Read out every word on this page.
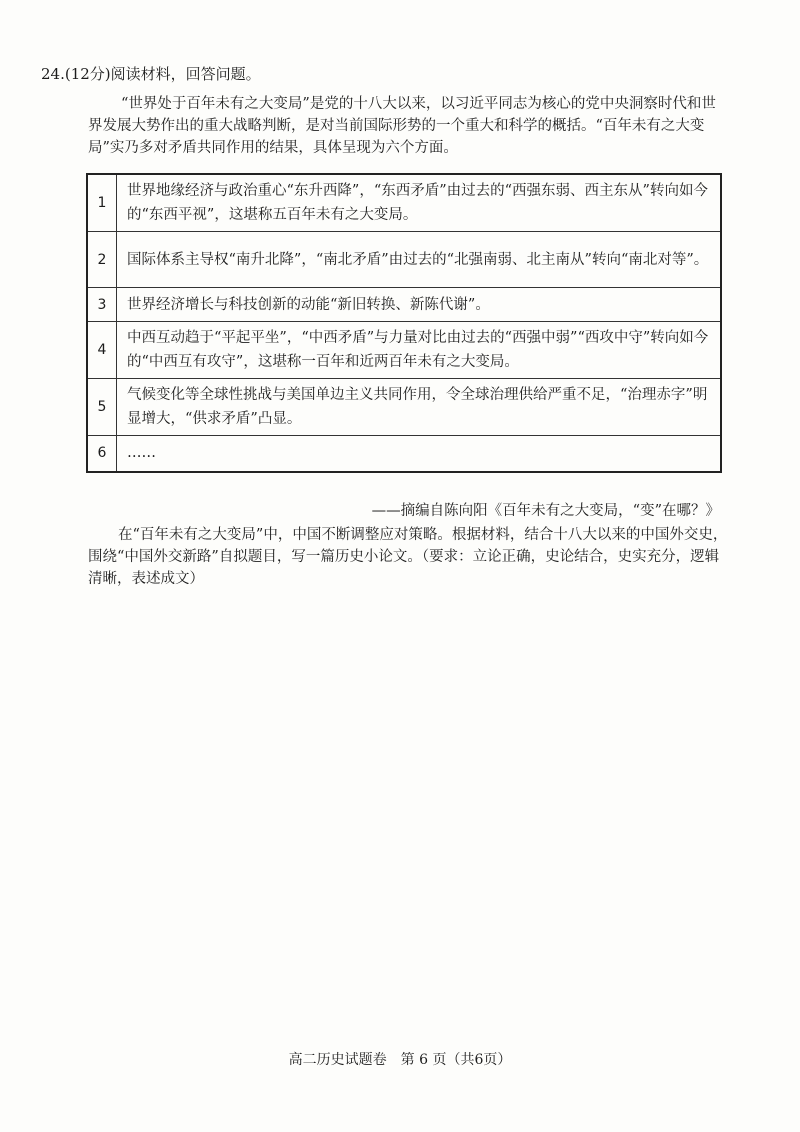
24.(12分)阅读材料，回答问题。

“世界处于百年未有之大变局”是党的十八大以来，以习近平同志为核心的党中央洞察时代和世界发展大势作出的重大战略判断，是对当前国际形势的一个重大和科学的概括。“百年未有之大变局”实乃多对矛盾共同作用的结果，具体呈现为六个方面。

1	世界地缘经济与政治重心“东升西降”，“东西矛盾”由过去的“西强东弱、西主东从”转向如今的“东西平视”，这堪称五百年未有之大变局。
2	国际体系主导权“南升北降”，“南北矛盾”由过去的“北强南弱、北主南从”转向“南北对等”。
3	世界经济增长与科技创新的动能“新旧转换、新陈代谢”。
4	中西互动趋于“平起平坐”，“中西矛盾”与力量对比由过去的“西强中弱”“西攻中守”转向如今的“中西互有攻守”，这堪称一百年和近两百年未有之大变局。
5	气候变化等全球性挑战与美国单边主义共同作用，令全球治理供给严重不足，“治理赤字”明显增大，“供求矛盾”凸显。
6	……
——摘编自陈向阳《百年未有之大变局，“变”在哪？》

在“百年未有之大变局”中，中国不断调整应对策略。根据材料，结合十八大以来的中国外交史，围绕“中国外交新路”自拟题目，写一篇历史小论文。（要求：立论正确，史论结合，史实充分，逻辑清晰，表述成文）

高二历史试题卷　第 6 页（共6页）
